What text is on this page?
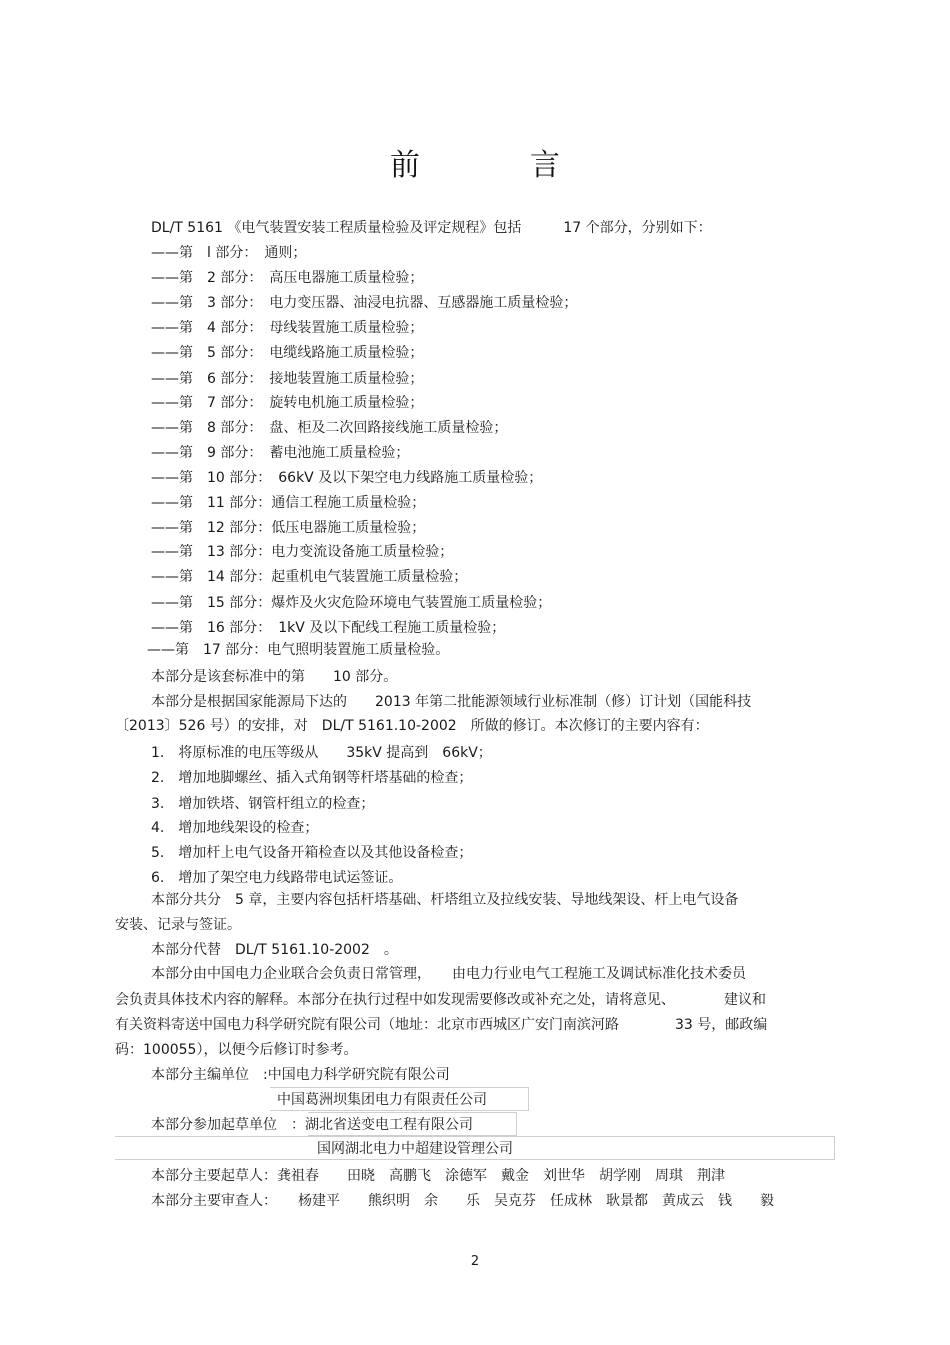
前　言
DL/T 5161 《电气装置安装工程质量检验及评定规程》包括　　　17 个部分，分别如下：
——第　l 部分：　通则；
——第　2 部分：　高压电器施工质量检验；
——第　3 部分：　电力变压器、油浸电抗器、互感器施工质量检验；
——第　4 部分：　母线装置施工质量检验；
——第　5 部分：　电缆线路施工质量检验；
——第　6 部分：　接地装置施工质量检验；
——第　7 部分：　旋转电机施工质量检验；
——第　8 部分：　盘、柜及二次回路接线施工质量检验；
——第　9 部分：　蓄电池施工质量检验；
——第　10 部分：　66kV 及以下架空电力线路施工质量检验；
——第　11 部分：通信工程施工质量检验；
——第　12 部分：低压电器施工质量检验；
——第　13 部分：电力变流设备施工质量检验；
——第　14 部分：起重机电气装置施工质量检验；
——第　15 部分：爆炸及火灾危险环境电气装置施工质量检验；
——第　16 部分：　1kV 及以下配线工程施工质量检验；
——第　17 部分：电气照明装置施工质量检验。
本部分是该套标准中的第　　10 部分。
本部分是根据国家能源局下达的　　2013 年第二批能源领域行业标准制（修）订计划（国能科技
〔2013〕526 号）的安排，对　DL/T 5161.10-2002　所做的修订。本次修订的主要内容有：
1.　将原标准的电压等级从　　35kV 提高到　66kV；
2.　增加地脚螺丝、插入式角钢等杆塔基础的检查；
3.　增加铁塔、钢管杆组立的检查；
4.　增加地线架设的检查；
5.　增加杆上电气设备开箱检查以及其他设备检查；
6.　增加了架空电力线路带电试运签证。
本部分共分　5 章，主要内容包括杆塔基础、杆塔组立及拉线安装、导地线架设、杆上电气设备
安装、记录与签证。
本部分代替　DL/T 5161.10-2002　。
本部分由中国电力企业联合会负责日常管理，　　由电力行业电气工程施工及调试标准化技术委员
会负责具体技术内容的解释。本部分在执行过程中如发现需要修改或补充之处，请将意见、　　　　建议和
有关资料寄送中国电力科学研究院有限公司（地址：北京市西城区广安门南滨河路　　　　33 号，邮政编
码：100055），以便今后修订时参考。
本部分主编单位　:中国电力科学研究院有限公司
中国葛洲坝集团电力有限责任公司
本部分参加起草单位　：湖北省送变电工程有限公司
国网湖北电力中超建设管理公司
本部分主要起草人：龚祖春　　田晓　高鹏飞　涂德军　戴金　刘世华　胡学刚　周琪　荆津
本部分主要审查人：　　杨建平　　熊织明　余　　乐　吴克芬　任成林　耿景都　黄成云　钱　　毅
2
